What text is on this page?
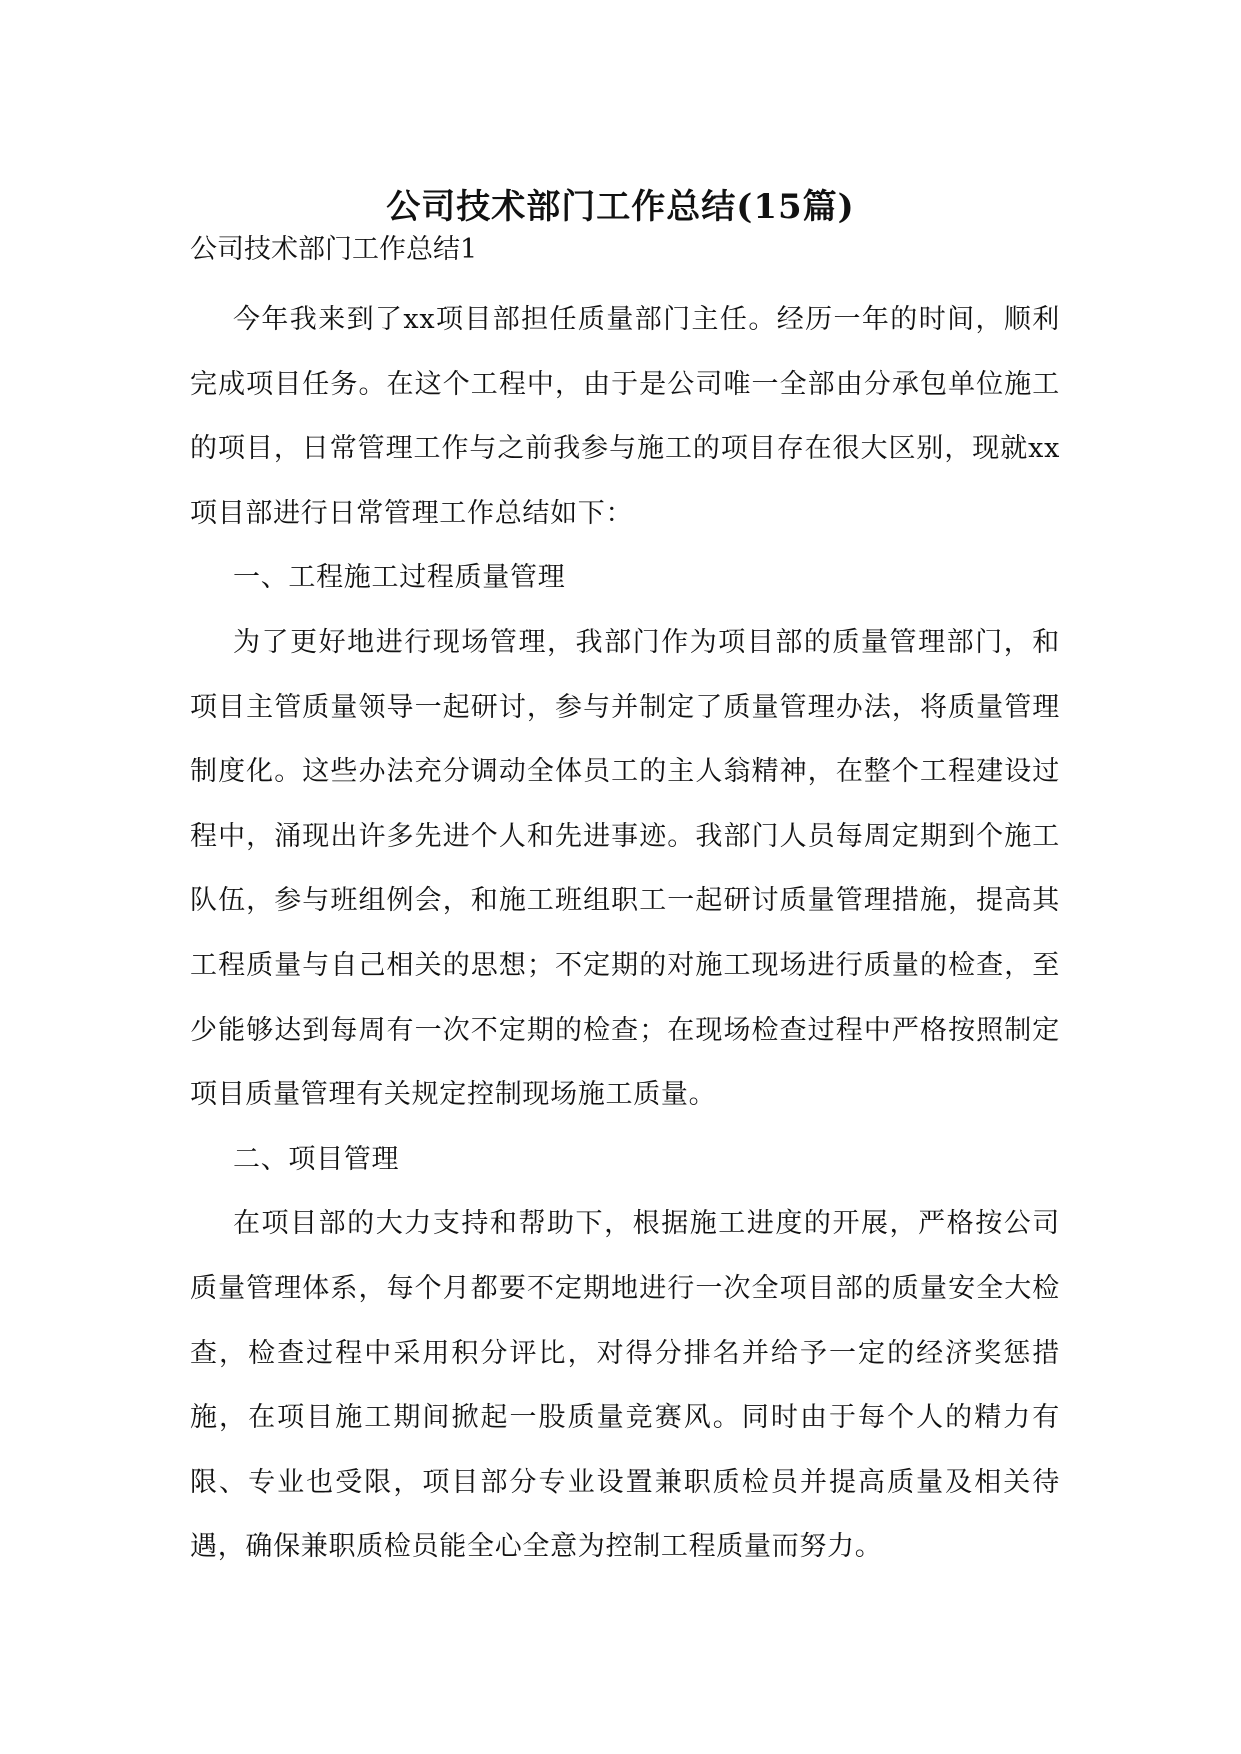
公司技术部门工作总结(15篇)

公司技术部门工作总结1

今年我来到了xx项目部担任质量部门主任。经历一年的时间，顺利完成项目任务。在这个工程中，由于是公司唯一全部由分承包单位施工的项目，日常管理工作与之前我参与施工的项目存在很大区别，现就xx项目部进行日常管理工作总结如下：

一、工程施工过程质量管理

为了更好地进行现场管理，我部门作为项目部的质量管理部门，和项目主管质量领导一起研讨，参与并制定了质量管理办法，将质量管理制度化。这些办法充分调动全体员工的主人翁精神，在整个工程建设过程中，涌现出许多先进个人和先进事迹。我部门人员每周定期到个施工队伍，参与班组例会，和施工班组职工一起研讨质量管理措施，提高其工程质量与自己相关的思想；不定期的对施工现场进行质量的检查，至少能够达到每周有一次不定期的检查；在现场检查过程中严格按照制定项目质量管理有关规定控制现场施工质量。

二、项目管理

在项目部的大力支持和帮助下，根据施工进度的开展，严格按公司质量管理体系，每个月都要不定期地进行一次全项目部的质量安全大检查，检查过程中采用积分评比，对得分排名并给予一定的经济奖惩措施，在项目施工期间掀起一股质量竞赛风。同时由于每个人的精力有限、专业也受限，项目部分专业设置兼职质检员并提高质量及相关待遇，确保兼职质检员能全心全意为控制工程质量而努力。
